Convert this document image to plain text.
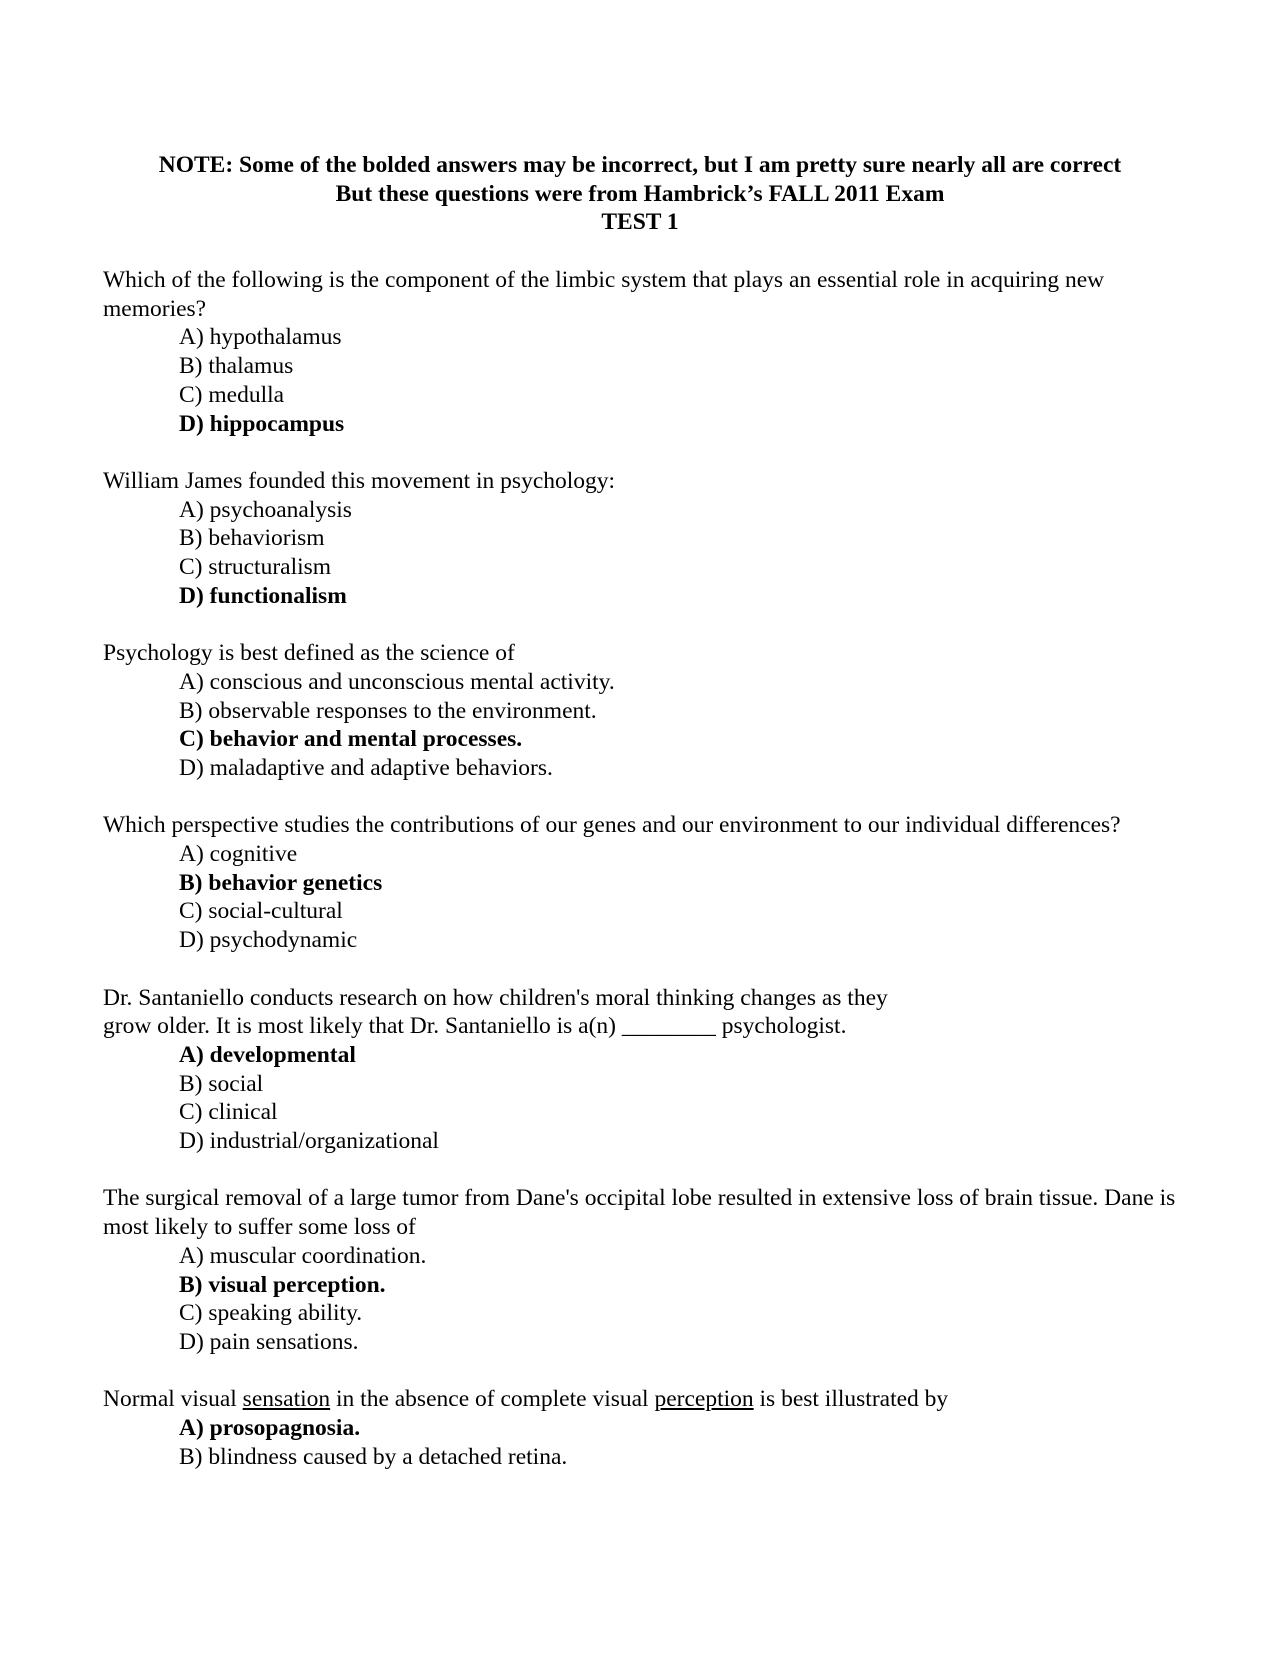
NOTE: Some of the bolded answers may be incorrect, but I am pretty sure nearly all are correct
But these questions were from Hambrick’s FALL 2011 Exam
TEST 1

Which of the following is the component of the limbic system that plays an essential role in acquiring new memories?

A) hypothalamus

B) thalamus

C) medulla

D) hippocampus

William James founded this movement in psychology:

A) psychoanalysis

B) behaviorism

C) structuralism

D) functionalism

Psychology is best defined as the science of

A) conscious and unconscious mental activity.

B) observable responses to the environment.

C) behavior and mental processes.

D) maladaptive and adaptive behaviors.

Which perspective studies the contributions of our genes and our environment to our individual differences?

A) cognitive

B) behavior genetics

C) social-cultural

D) psychodynamic

Dr. Santaniello conducts research on how children's moral thinking changes as they

grow older. It is most likely that Dr. Santaniello is a(n) ________ psychologist.

A) developmental

B) social

C) clinical

D) industrial/organizational

The surgical removal of a large tumor from Dane's occipital lobe resulted in extensive loss of brain tissue. Dane is most likely to suffer some loss of

A) muscular coordination.

B) visual perception.

C) speaking ability.

D) pain sensations.

Normal visual sensation in the absence of complete visual perception is best illustrated by

A) prosopagnosia.

B) blindness caused by a detached retina.
